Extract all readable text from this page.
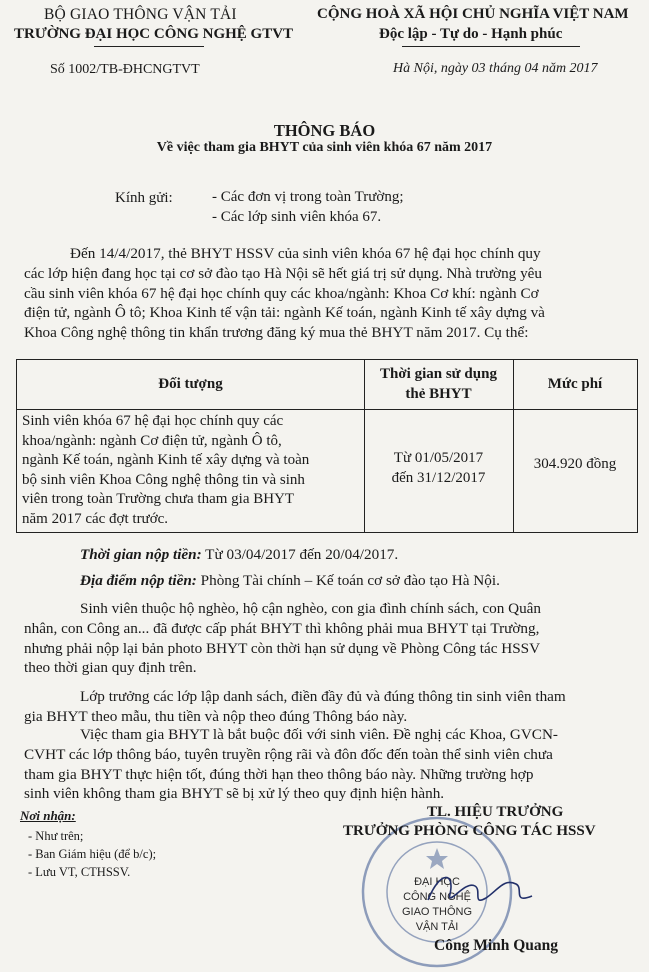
BỘ GIAO THÔNG VẬN TẢI
TRƯỜNG ĐẠI HỌC CÔNG NGHỆ GTVT
CỘNG HOÀ XÃ HỘI CHỦ NGHĨA VIỆT NAM
Độc lập - Tự do - Hạnh phúc
Số 1002/TB-ĐHCNGTVT	Hà Nội, ngày 03 tháng 04 năm 2017
THÔNG BÁO
Về việc tham gia BHYT của sinh viên khóa 67 năm 2017
Kính gửi:	- Các đơn vị trong toàn Trường;
- Các lớp sinh viên khóa 67.
Đến 14/4/2017, thẻ BHYT HSSV của sinh viên khóa 67 hệ đại học chính quy
các lớp hiện đang học tại cơ sở đào tạo Hà Nội sẽ hết giá trị sử dụng. Nhà trường yêu
cầu sinh viên khóa 67 hệ đại học chính quy các khoa/ngành: Khoa Cơ khí: ngành Cơ
điện tử, ngành Ô tô; Khoa Kinh tế vận tải: ngành Kế toán, ngành Kinh tế xây dựng và
Khoa Công nghệ thông tin khẩn trương đăng ký mua thẻ BHYT năm 2017. Cụ thể:
Đối tượng
Thời gian sử dụng
thẻ BHYT
Mức phí
Sinh viên khóa 67 hệ đại học chính quy các
khoa/ngành: ngành Cơ điện tử, ngành Ô tô,
ngành Kế toán, ngành Kinh tế xây dựng và toàn
bộ sinh viên Khoa Công nghệ thông tin và sinh
viên trong toàn Trường chưa tham gia BHYT
năm 2017 các đợt trước.
Từ 01/05/2017
đến 31/12/2017
304.920 đồng
Thời gian nộp tiền: Từ 03/04/2017 đến 20/04/2017.
Địa điểm nộp tiền: Phòng Tài chính – Kế toán cơ sở đào tạo Hà Nội.
Sinh viên thuộc hộ nghèo, hộ cận nghèo, con gia đình chính sách, con Quân
nhân, con Công an... đã được cấp phát BHYT thì không phải mua BHYT tại Trường,
nhưng phải nộp lại bản photo BHYT còn thời hạn sử dụng về Phòng Công tác HSSV
theo thời gian quy định trên.
Lớp trưởng các lớp lập danh sách, điền đầy đủ và đúng thông tin sinh viên tham
gia BHYT theo mẫu, thu tiền và nộp theo đúng Thông báo này.
Việc tham gia BHYT là bắt buộc đối với sinh viên. Đề nghị các Khoa, GVCN-
CVHT các lớp thông báo, tuyên truyền rộng rãi và đôn đốc đến toàn thể sinh viên chưa
tham gia BHYT thực hiện tốt, đúng thời hạn theo thông báo này. Những trường hợp
sinh viên không tham gia BHYT sẽ bị xử lý theo quy định hiện hành.
Nơi nhận:
- Như trên;
- Ban Giám hiệu (để b/c);
- Lưu VT, CTHSSV.
ĐẠI HỌC
CÔNG NGHỆ
GIAO THÔNG
VẬN TẢI
TL. HIỆU TRƯỞNG
TRƯỞNG PHÒNG CÔNG TÁC HSSV
Công Minh Quang
